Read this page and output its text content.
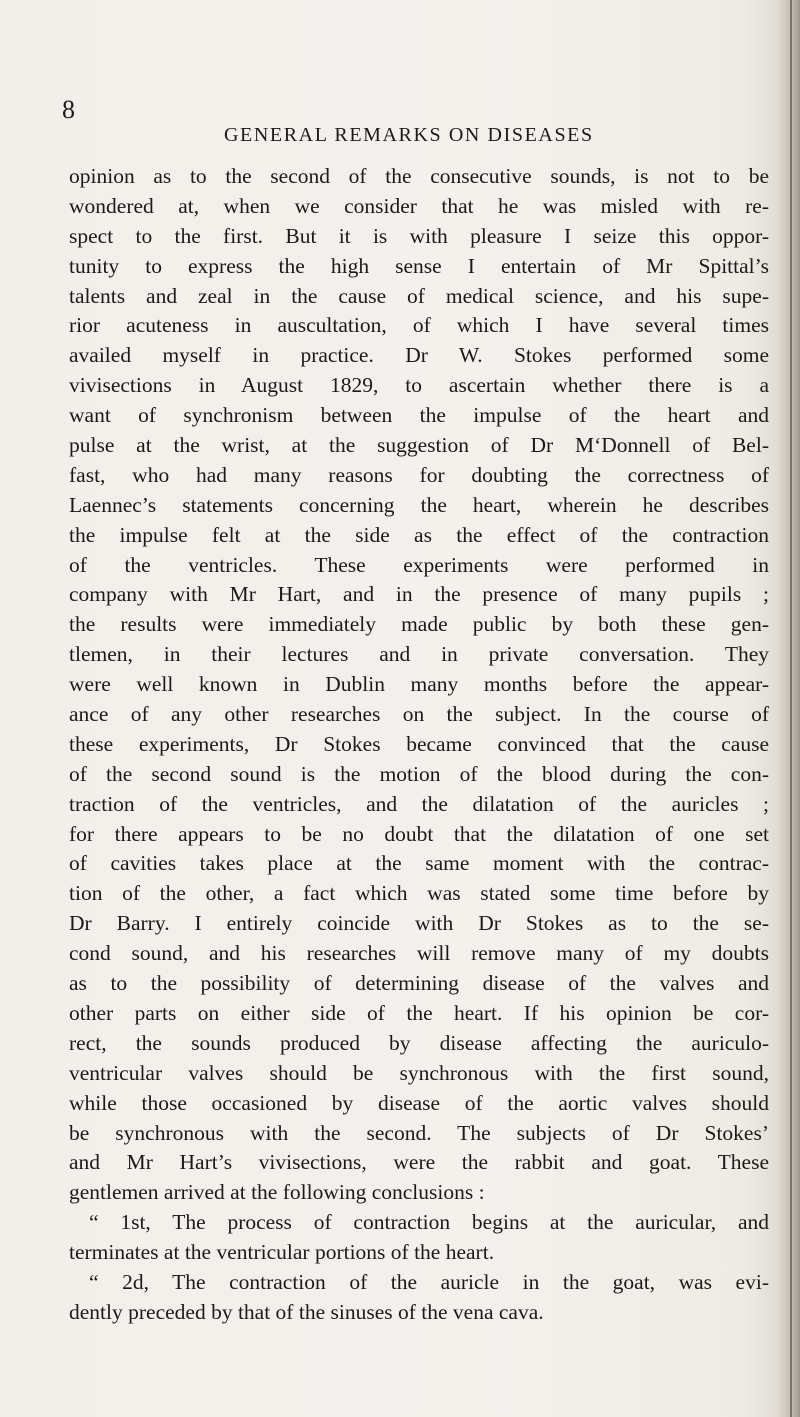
8
GENERAL REMARKS ON DISEASES
opinion as to the second of the consecutive sounds, is not to be
wondered at, when we consider that he was misled with re-
spect to the first. But it is with pleasure I seize this oppor-
tunity to express the high sense I entertain of Mr Spittal’s
talents and zeal in the cause of medical science, and his supe-
rior acuteness in auscultation, of which I have several times
availed myself in practice. Dr W. Stokes performed some
vivisections in August 1829, to ascertain whether there is a
want of synchronism between the impulse of the heart and
pulse at the wrist, at the suggestion of Dr M‘Donnell of Bel-
fast, who had many reasons for doubting the correctness of
Laennec’s statements concerning the heart, wherein he describes
the impulse felt at the side as the effect of the contraction
of the ventricles. These experiments were performed in
company with Mr Hart, and in the presence of many pupils ;
the results were immediately made public by both these gen-
tlemen, in their lectures and in private conversation. They
were well known in Dublin many months before the appear-
ance of any other researches on the subject. In the course of
these experiments, Dr Stokes became convinced that the cause
of the second sound is the motion of the blood during the con-
traction of the ventricles, and the dilatation of the auricles ;
for there appears to be no doubt that the dilatation of one set
of cavities takes place at the same moment with the contrac-
tion of the other, a fact which was stated some time before by
Dr Barry. I entirely coincide with Dr Stokes as to the se-
cond sound, and his researches will remove many of my doubts
as to the possibility of determining disease of the valves and
other parts on either side of the heart. If his opinion be cor-
rect, the sounds produced by disease affecting the auriculo-
ventricular valves should be synchronous with the first sound,
while those occasioned by disease of the aortic valves should
be synchronous with the second. The subjects of Dr Stokes’
and Mr Hart’s vivisections, were the rabbit and goat. These
gentlemen arrived at the following conclusions :
“ 1st, The process of contraction begins at the auricular, and
terminates at the ventricular portions of the heart.
“ 2d, The contraction of the auricle in the goat, was evi-
dently preceded by that of the sinuses of the vena cava.
